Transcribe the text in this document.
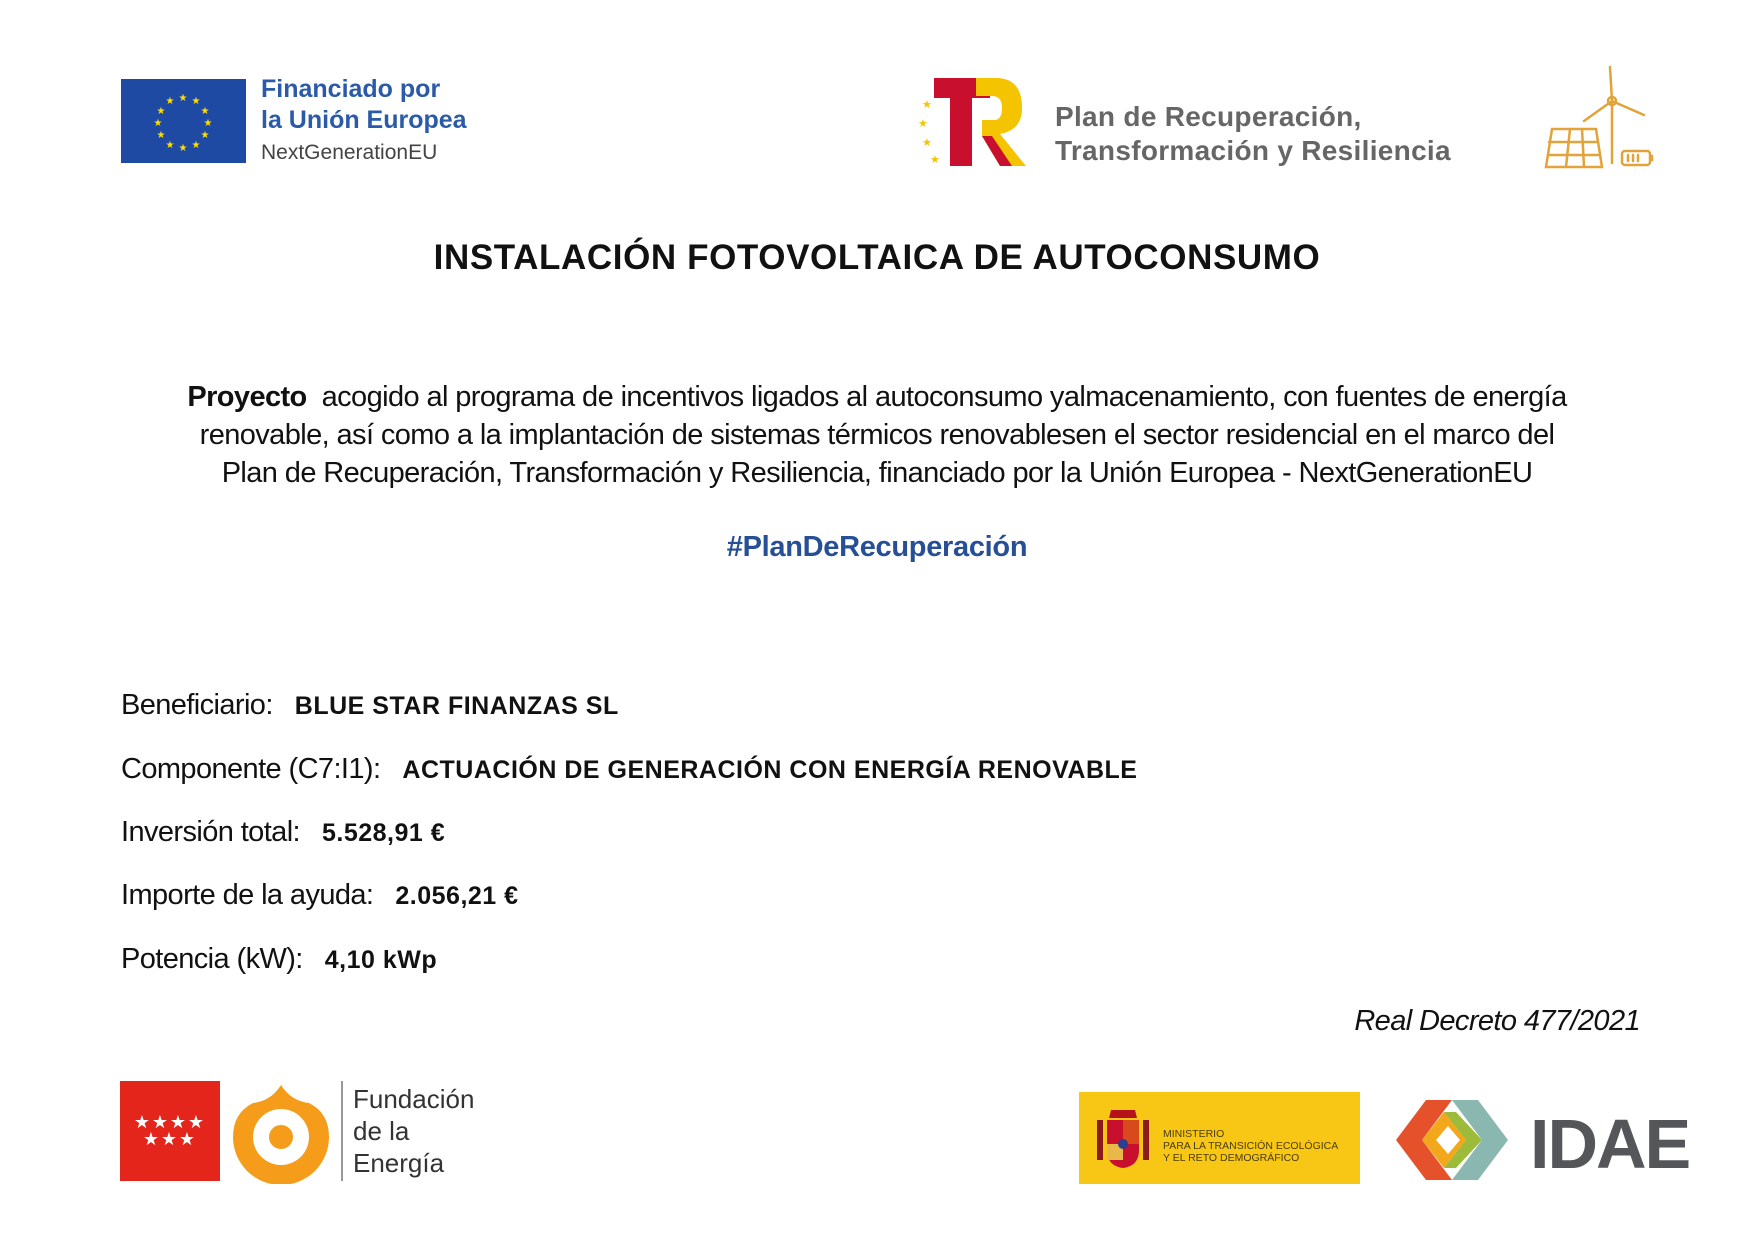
★ ★
★
★
★
★
★
★
★
★
★
★	Financiado por
la Unión Europea
NextGenerationEU
★
★
★
★
Plan de Recuperación,
Transformación y Resiliencia
INSTALACIÓN FOTOVOLTAICA DE AUTOCONSUMO
Proyecto acogido al programa de incentivos ligados al autoconsumo yalmacenamiento, con fuentes de energía
renovable, así como a la implantación de sistemas térmicos renovablesen el sector residencial en el marco del
Plan de Recuperación, Transformación y Resiliencia, financiado por la Unión Europea - NextGenerationEU
#PlanDeRecuperación
Beneficiario: BLUE STAR FINANZAS SL
Componente (C7:I1): ACTUACIÓN DE GENERACIÓN CON ENERGÍA RENOVABLE
Inversión total: 5.528,91 €
Importe de la ayuda: 2.056,21 €
Potencia (kW): 4,10 kWp
Real Decreto 477/2021
★ ★ ★ ★
★ ★ ★
Fundación
de la
Energía
MINISTERIO
PARA LA TRANSICIÓN ECOLÓGICA
Y EL RETO DEMOGRÁFICO	IDAE
